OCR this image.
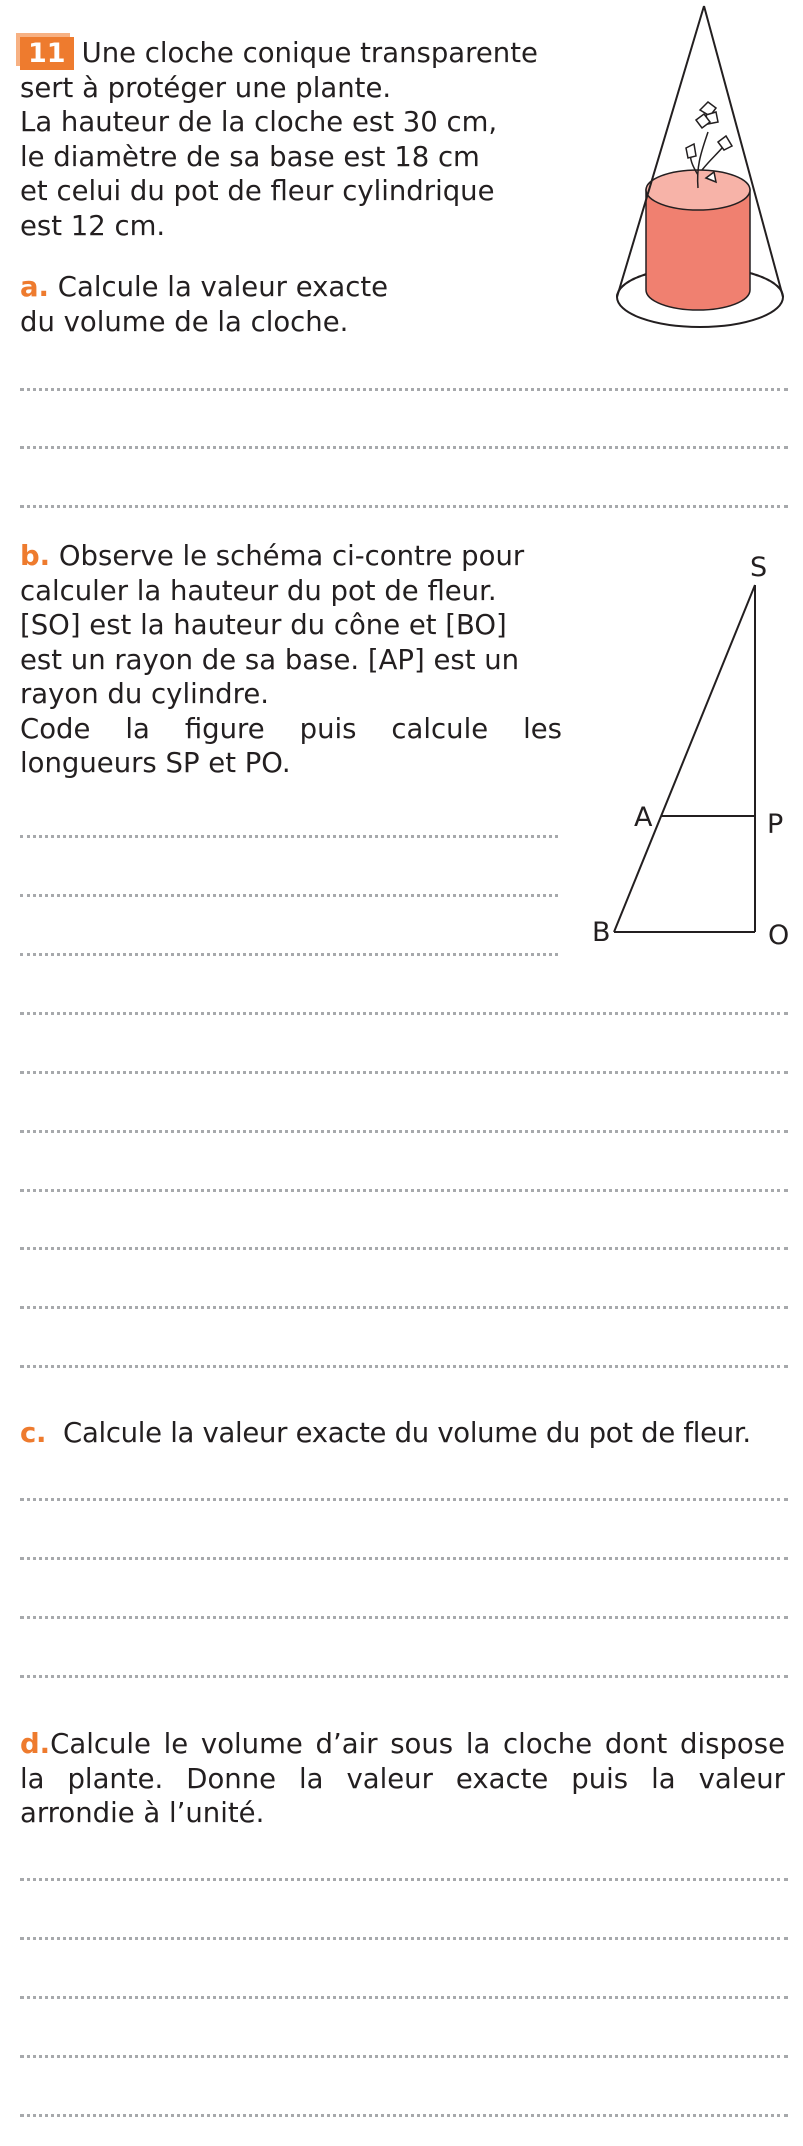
11 Une cloche conique transparente
sert à protéger une plante.
La hauteur de la cloche est 30 cm,
le diamètre de sa base est 18 cm
et celui du pot de fleur cylindrique
est 12 cm.
a. Calcule la valeur exacte
du volume de la cloche.
b. Observe le schéma ci-contre pour
calculer la hauteur du pot de fleur.
[SO] est la hauteur du cône et [BO]
est un rayon de sa base. [AP] est un
rayon du cylindre.
Code la figure puis calcule les
longueurs SP et PO.
S
A	P
B	O
c. Calcule la valeur exacte du volume du pot de fleur.
d.Calcule le volume d’air sous la cloche dont dispose la plante. Donne la valeur exacte puis la valeur arrondie à l’unité.
